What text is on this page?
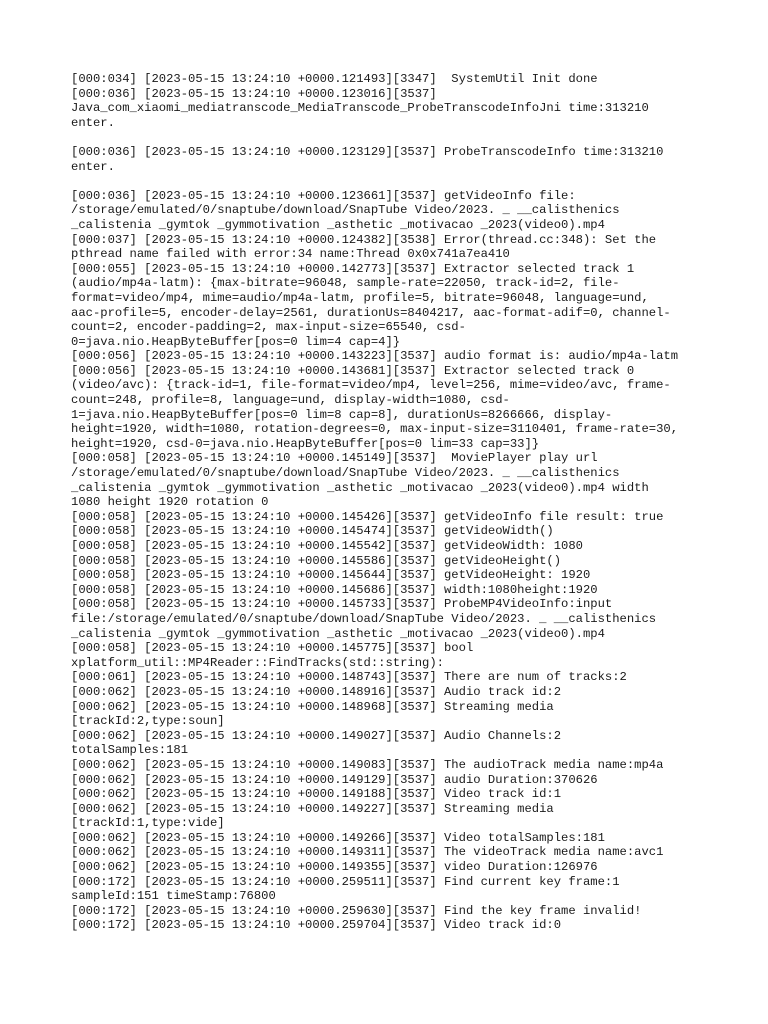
[000:034] [2023-05-15 13:24:10 +0000.121493][3347]  SystemUtil Init done
[000:036] [2023-05-15 13:24:10 +0000.123016][3537]
Java_com_xiaomi_mediatranscode_MediaTranscode_ProbeTranscodeInfoJni time:313210
enter.
[000:036] [2023-05-15 13:24:10 +0000.123129][3537] ProbeTranscodeInfo time:313210
enter.
[000:036] [2023-05-15 13:24:10 +0000.123661][3537] getVideoInfo file:
/storage/emulated/0/snaptube/download/SnapTube Video/2023. _ __calisthenics
_calistenia _gymtok _gymmotivation _asthetic _motivacao _2023(video0).mp4
[000:037] [2023-05-15 13:24:10 +0000.124382][3538] Error(thread.cc:348): Set the
pthread name failed with error:34 name:Thread 0x0x741a7ea410
[000:055] [2023-05-15 13:24:10 +0000.142773][3537] Extractor selected track 1
(audio/mp4a-latm): {max-bitrate=96048, sample-rate=22050, track-id=2, file-
format=video/mp4, mime=audio/mp4a-latm, profile=5, bitrate=96048, language=und,
aac-profile=5, encoder-delay=2561, durationUs=8404217, aac-format-adif=0, channel-
count=2, encoder-padding=2, max-input-size=65540, csd-
0=java.nio.HeapByteBuffer[pos=0 lim=4 cap=4]}
[000:056] [2023-05-15 13:24:10 +0000.143223][3537] audio format is: audio/mp4a-latm
[000:056] [2023-05-15 13:24:10 +0000.143681][3537] Extractor selected track 0
(video/avc): {track-id=1, file-format=video/mp4, level=256, mime=video/avc, frame-
count=248, profile=8, language=und, display-width=1080, csd-
1=java.nio.HeapByteBuffer[pos=0 lim=8 cap=8], durationUs=8266666, display-
height=1920, width=1080, rotation-degrees=0, max-input-size=3110401, frame-rate=30,
height=1920, csd-0=java.nio.HeapByteBuffer[pos=0 lim=33 cap=33]}
[000:058] [2023-05-15 13:24:10 +0000.145149][3537]  MoviePlayer play url
/storage/emulated/0/snaptube/download/SnapTube Video/2023. _ __calisthenics
_calistenia _gymtok _gymmotivation _asthetic _motivacao _2023(video0).mp4 width
1080 height 1920 rotation 0
[000:058] [2023-05-15 13:24:10 +0000.145426][3537] getVideoInfo file result: true
[000:058] [2023-05-15 13:24:10 +0000.145474][3537] getVideoWidth()
[000:058] [2023-05-15 13:24:10 +0000.145542][3537] getVideoWidth: 1080
[000:058] [2023-05-15 13:24:10 +0000.145586][3537] getVideoHeight()
[000:058] [2023-05-15 13:24:10 +0000.145644][3537] getVideoHeight: 1920
[000:058] [2023-05-15 13:24:10 +0000.145686][3537] width:1080height:1920
[000:058] [2023-05-15 13:24:10 +0000.145733][3537] ProbeMP4VideoInfo:input
file:/storage/emulated/0/snaptube/download/SnapTube Video/2023. _ __calisthenics
_calistenia _gymtok _gymmotivation _asthetic _motivacao _2023(video0).mp4
[000:058] [2023-05-15 13:24:10 +0000.145775][3537] bool
xplatform_util::MP4Reader::FindTracks(std::string):
[000:061] [2023-05-15 13:24:10 +0000.148743][3537] There are num of tracks:2
[000:062] [2023-05-15 13:24:10 +0000.148916][3537] Audio track id:2
[000:062] [2023-05-15 13:24:10 +0000.148968][3537] Streaming media
[trackId:2,type:soun]
[000:062] [2023-05-15 13:24:10 +0000.149027][3537] Audio Channels:2
totalSamples:181
[000:062] [2023-05-15 13:24:10 +0000.149083][3537] The audioTrack media name:mp4a
[000:062] [2023-05-15 13:24:10 +0000.149129][3537] audio Duration:370626
[000:062] [2023-05-15 13:24:10 +0000.149188][3537] Video track id:1
[000:062] [2023-05-15 13:24:10 +0000.149227][3537] Streaming media
[trackId:1,type:vide]
[000:062] [2023-05-15 13:24:10 +0000.149266][3537] Video totalSamples:181
[000:062] [2023-05-15 13:24:10 +0000.149311][3537] The videoTrack media name:avc1
[000:062] [2023-05-15 13:24:10 +0000.149355][3537] video Duration:126976
[000:172] [2023-05-15 13:24:10 +0000.259511][3537] Find current key frame:1
sampleId:151 timeStamp:76800
[000:172] [2023-05-15 13:24:10 +0000.259630][3537] Find the key frame invalid!
[000:172] [2023-05-15 13:24:10 +0000.259704][3537] Video track id:0
